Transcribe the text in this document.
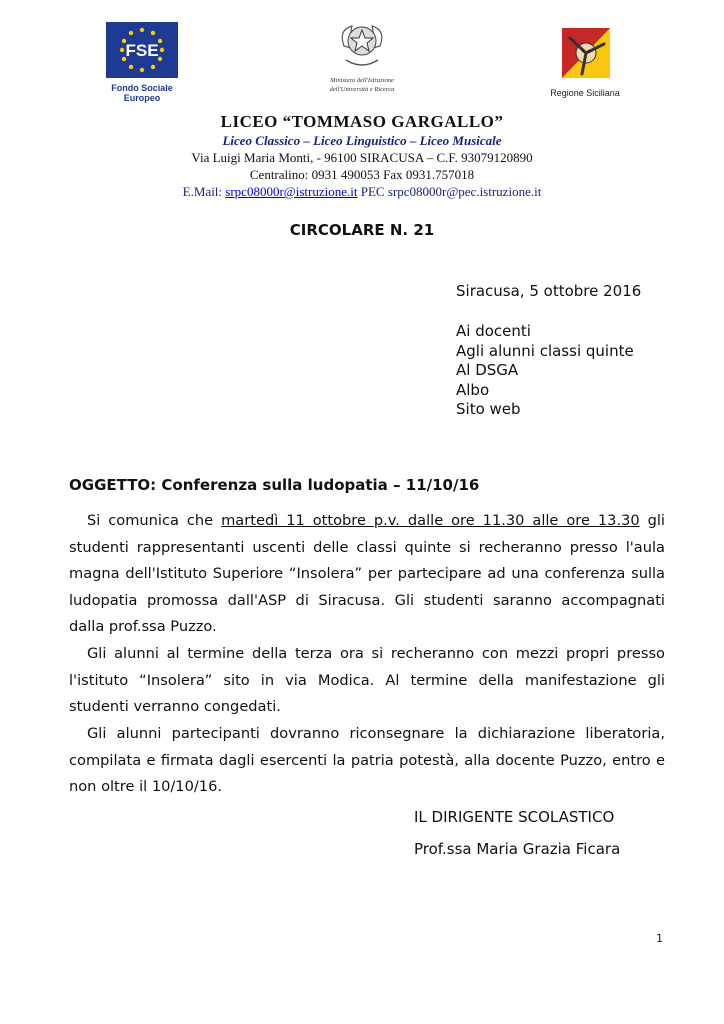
FSE
Fondo Sociale
Europeo
Ministero dell'Istruzione
dell'Università e Ricerca	Regione Siciliana
LICEO “TOMMASO GARGALLO”
Liceo Classico – Liceo Linguistico – Liceo Musicale
Via Luigi Maria Monti, - 96100 SIRACUSA – C.F. 93079120890
Centralino: 0931 490053 Fax 0931.757018
E.Mail: srpc08000r@istruzione.it PEC srpc08000r@pec.istruzione.it
CIRCOLARE N. 21
Siracusa, 5 ottobre 2016
Ai docenti
Agli alunni classi quinte
Al DSGA
Albo
Sito web
OGGETTO: Conferenza sulla ludopatia – 11/10/16
Si comunica che martedì 11 ottobre p.v. dalle ore 11.30 alle ore 13.30 gli studenti rappresentanti uscenti delle classi quinte si recheranno presso l'aula magna dell'Istituto Superiore “Insolera” per partecipare ad una conferenza sulla ludopatia promossa dall'ASP di Siracusa. Gli studenti saranno accompagnati dalla prof.ssa Puzzo.
Gli alunni al termine della terza ora si recheranno con mezzi propri presso l'istituto “Insolera” sito in via Modica. Al termine della manifestazione gli studenti verranno congedati.
Gli alunni partecipanti dovranno riconsegnare la dichiarazione liberatoria, compilata e firmata dagli esercenti la patria potestà, alla docente Puzzo, entro e non oltre il 10/10/16.
IL DIRIGENTE SCOLASTICO
Prof.ssa Maria Grazia Ficara
1
